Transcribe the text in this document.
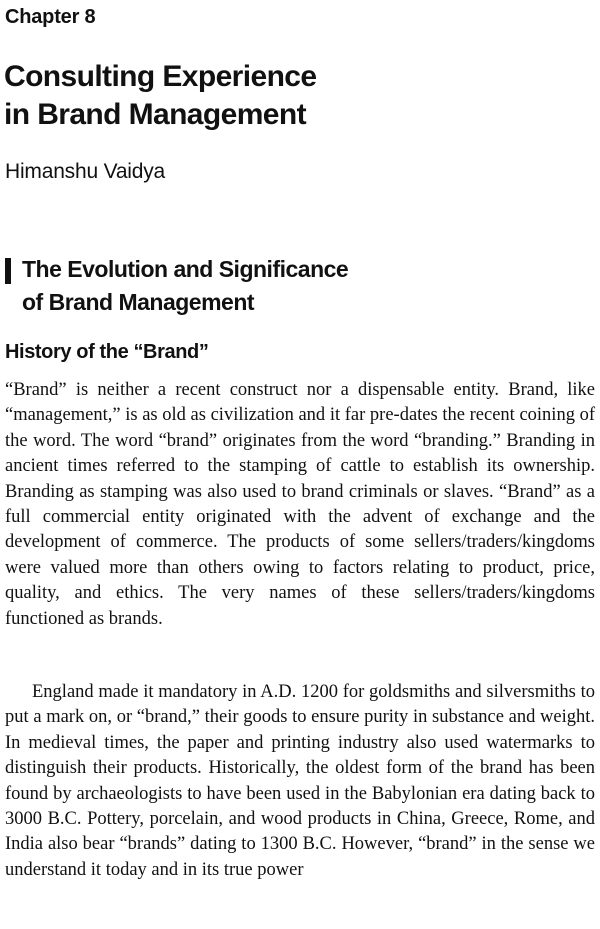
Chapter 8
Consulting Experience
in Brand Management
Himanshu Vaidya
The Evolution and Significance
of Brand Management
History of the “Brand”

“Brand” is neither a recent construct nor a dispensable entity. Brand, like “management,” is as old as civilization and it far pre-dates the recent coining of the word. The word “brand” originates from the word “branding.” Branding in ancient times referred to the stamping of cattle to establish its ownership. Branding as stamping was also used to brand criminals or slaves. “Brand” as a full commercial entity originated with the advent of exchange and the development of commerce. The products of some sellers/traders/kingdoms were valued more than others owing to factors relating to product, price, quality, and ethics. The very names of these sellers/traders/kingdoms functioned as brands.

England made it mandatory in A.D. 1200 for goldsmiths and silversmiths to put a mark on, or “brand,” their goods to ensure purity in substance and weight. In medieval times, the paper and printing industry also used watermarks to distinguish their products. Historically, the oldest form of the brand has been found by archaeologists to have been used in the Babylonian era dating back to 3000 B.C. Pottery, porcelain, and wood products in China, Greece, Rome, and India also bear “brands” dating to 1300 B.C. However, “brand” in the sense we understand it today and in its true power
